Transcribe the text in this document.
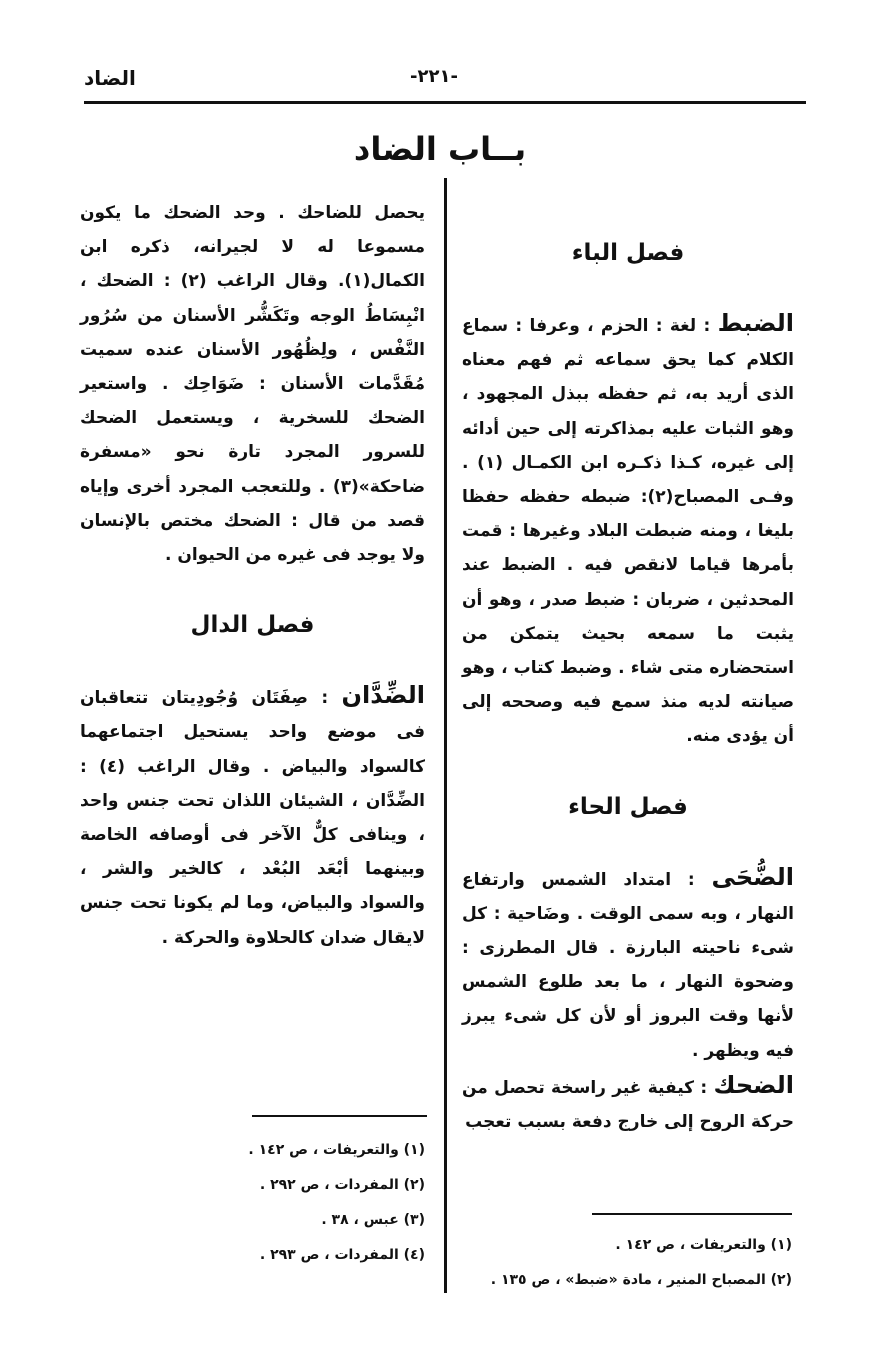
الضاد	-٢٢١-
بــاب الضاد
فصل الباء

الضبط : لغة : الحزم ، وعرفا : سماع الكلام كما يحق سماعه ثم فهم معناه الذى أريد به، ثم حفظه ببذل المجهود ، وهو الثبات عليه بمذاكرته إلى حين أدائه إلى غيره، كـذا ذكـره ابن الكمـال (١) . وفـى المصباح(٢): ضبطه حفظه حفظا بليغا ، ومنه ضبطت البلاد وغيرها : قمت بأمرها قياما لانقص فيه . الضبط عند المحدثين ، ضربان : ضبط صدر ، وهو أن يثبت ما سمعه بحيث يتمكن من استحضاره متى شاء . وضبط كتاب ، وهو صيانته لديه منذ سمع فيه وصححه إلى أن يؤدى منه.

فصل الحاء

الضُّحَى : امتداد الشمس وارتفاع النهار ، وبه سمى الوقت . وضَاحية : كل شىء ناحيته البارزة . قال المطرزى : وضحوة النهار ، ما بعد طلوع الشمس لأنها وقت البروز أو لأن كل شىء يبرز فيه ويظهر .

الضحك : كيفية غير راسخة تحصل من حركة الروح إلى خارج دفعة بسبب تعجب

يحصل للضاحك . وحد الضحك ما يكون مسموعا له لا لجيرانه، ذكره ابن الكمال(١). وقال الراغب (٢) : الضحك ، انْبِسَاطُ الوجه وتَكَشُّر الأسنان من سُرُور النَّفْس ، ولِظُهُور الأسنان عنده سميت مُقَدَّمات الأسنان : ضَوَاحِك . واستعير الضحك للسخرية ، ويستعمل الضحك للسرور المجرد تارة نحو «مسفرة ضاحكة»(٣) . وللتعجب المجرد أخرى وإياه قصد من قال : الضحك مختص بالإنسان ولا يوجد فى غيره من الحيوان .

فصل الدال

الضِّدَّان : صِفَتَان وُجُودِيتان تتعاقبان فى موضع واحد يستحيل اجتماعهما كالسواد والبياض . وقال الراغب (٤) : الضِّدَّان ، الشيئان اللذان تحت جنس واحد ، وينافى كلٌّ الآخر فى أوصافه الخاصة وبينهما أبْعَد البُعْد ، كالخير والشر ، والسواد والبياض، وما لم يكونا تحت جنس لايقال ضدان كالحلاوة والحركة .

(١) والتعريفات ، ص ١٤٢ .
(٢) المفردات ، ص ٢٩٢ .
(٣) عبس ، ٣٨ .
(٤) المفردات ، ص ٢٩٣ .
(١) والتعريفات ، ص ١٤٢ .
(٢) المصباح المنير ، مادة «ضبط» ، ص ١٣٥ .
